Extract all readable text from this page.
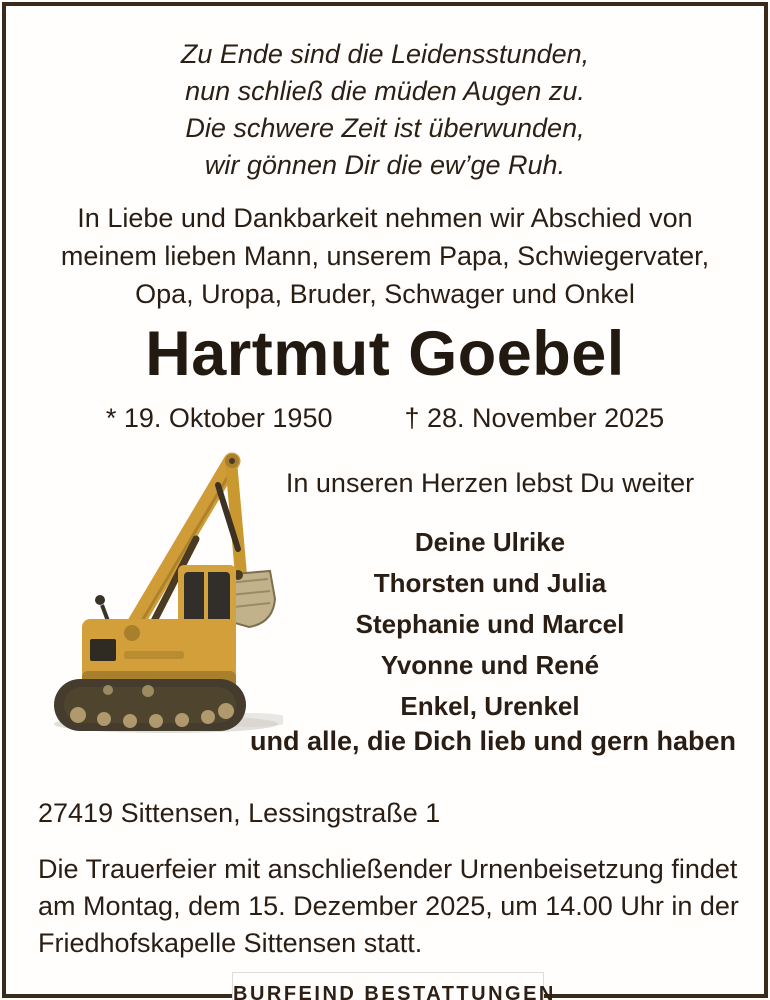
Zu Ende sind die Leidensstunden,
nun schließ die müden Augen zu.
Die schwere Zeit ist überwunden,
wir gönnen Dir die ew’ge Ruh.
In Liebe und Dankbarkeit nehmen wir Abschied von
meinem lieben Mann, unserem Papa, Schwiegervater,
Opa, Uropa, Bruder, Schwager und Onkel
Hartmut Goebel
* 19. Oktober 1950	† 28. November 2025
In unseren Herzen lebst Du weiter
Deine Ulrike
Thorsten und Julia
Stephanie und Marcel
Yvonne und René
Enkel, Urenkel
und alle, die Dich lieb und gern haben
27419 Sittensen, Lessingstraße 1
Die Trauerfeier mit anschließender Urnenbeisetzung findet
am Montag, dem 15. Dezember 2025, um 14.00 Uhr in der
Friedhofskapelle Sittensen statt.
BURFEIND BESTATTUNGEN
